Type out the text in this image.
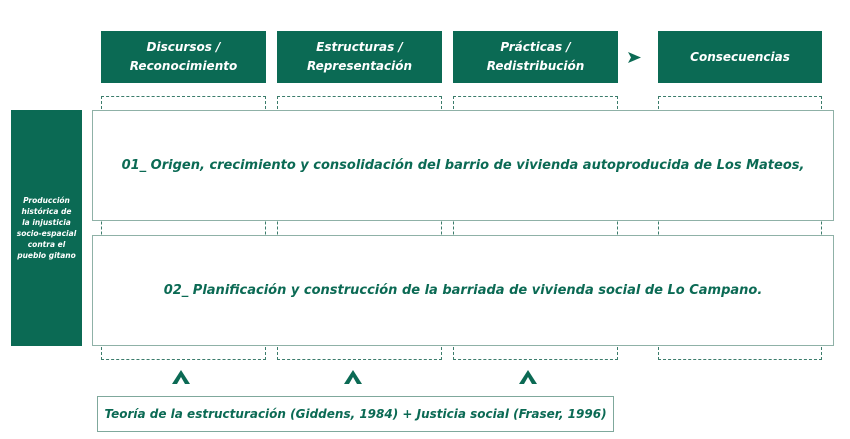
Discursos /
Reconocimiento
Estructuras /
Representación
Prácticas /
Redistribución
Consecuencias
Producción
histórica de
la injusticia
socio-espacial
contra el
pueblo gitano
01_ Origen, crecimiento y consolidación del barrio de vivienda autoproducida de Los Mateos,
02_ Planificación y construcción de la barriada de vivienda social de Lo Campano.
Teoría de la estructuración (Giddens, 1984) + Justicia social (Fraser, 1996)
